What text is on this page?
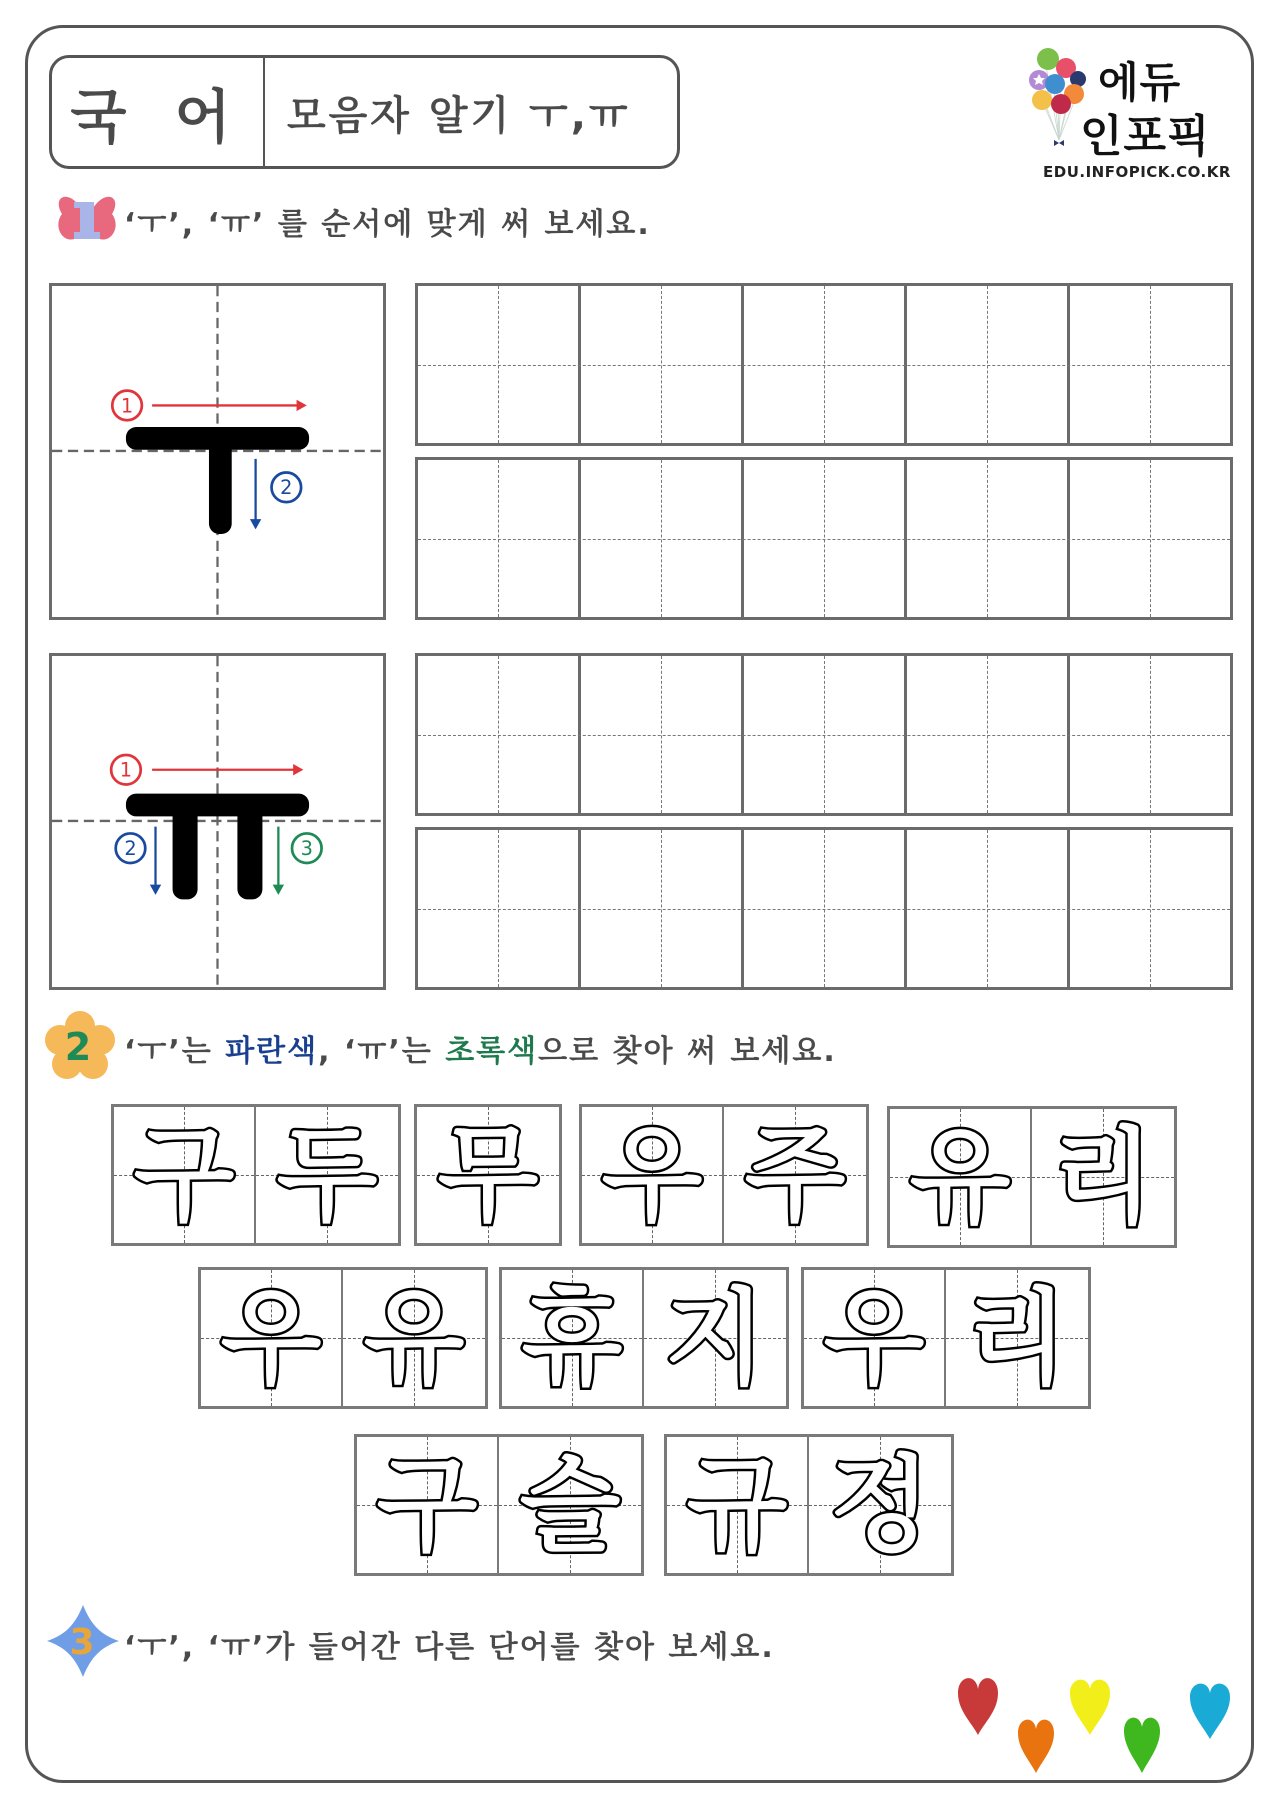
국 어	모음자 알기 ㅜ,ㅠ
에듀
인포픽
EDU.INFOPICK.CO.KR
‘ㅜ’, ‘ㅠ’ 를 순서에 맞게 써 보세요.
1
2
1
2	3
2 ‘ㅜ’는 파란색, ‘ㅠ’는 초록색으로 찾아 써 보세요.
구 두 무 우 주 유 리
우 유 휴 지 우 리
구 슬 규 정
3 ‘ㅜ’, ‘ㅠ’가 들어간 다른 단어를 찾아 보세요.
